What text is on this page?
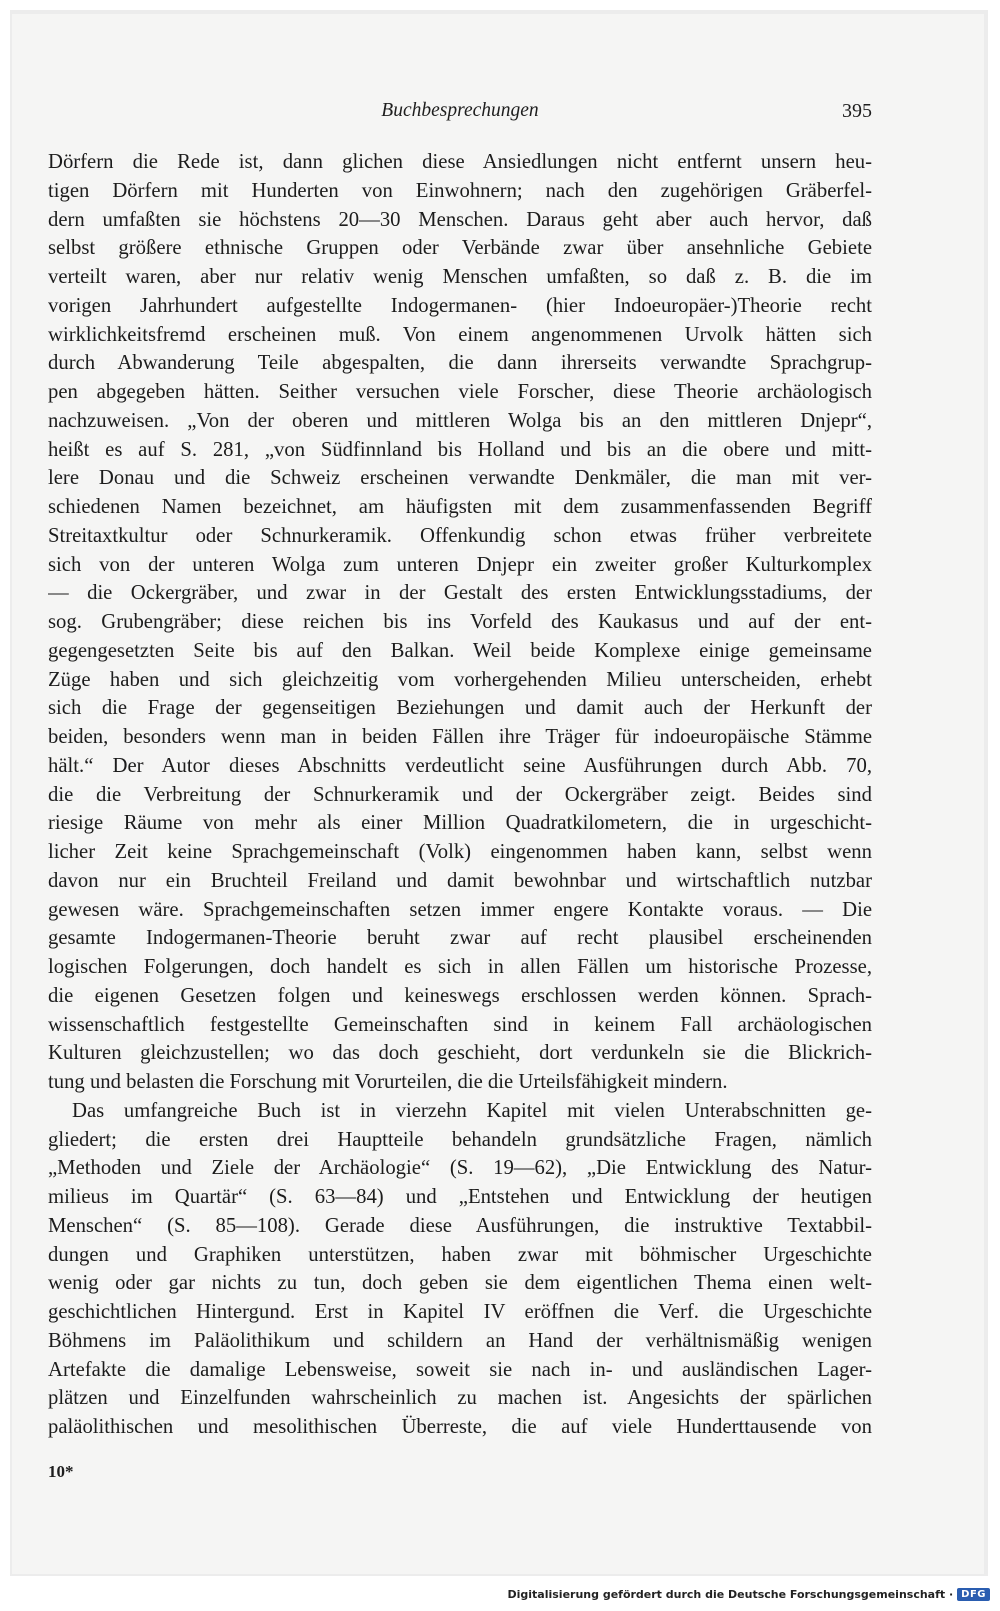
Buchbesprechungen	395
Dörfern die Rede ist, dann glichen diese Ansiedlungen nicht entfernt unsern heu-
tigen Dörfern mit Hunderten von Einwohnern; nach den zugehörigen Gräberfel-
dern umfaßten sie höchstens 20—30 Menschen. Daraus geht aber auch hervor, daß
selbst größere ethnische Gruppen oder Verbände zwar über ansehnliche Gebiete
verteilt waren, aber nur relativ wenig Menschen umfaßten, so daß z. B. die im
vorigen Jahrhundert aufgestellte Indogermanen- (hier Indoeuropäer-)Theorie recht
wirklichkeitsfremd erscheinen muß. Von einem angenommenen Urvolk hätten sich
durch Abwanderung Teile abgespalten, die dann ihrerseits verwandte Sprachgrup-
pen abgegeben hätten. Seither versuchen viele Forscher, diese Theorie archäologisch
nachzuweisen. „Von der oberen und mittleren Wolga bis an den mittleren Dnjepr“,
heißt es auf S. 281, „von Südfinnland bis Holland und bis an die obere und mitt-
lere Donau und die Schweiz erscheinen verwandte Denkmäler, die man mit ver-
schiedenen Namen bezeichnet, am häufigsten mit dem zusammenfassenden Begriff
Streitaxtkultur oder Schnurkeramik. Offenkundig schon etwas früher verbreitete
sich von der unteren Wolga zum unteren Dnjepr ein zweiter großer Kulturkomplex
— die Ockergräber, und zwar in der Gestalt des ersten Entwicklungsstadiums, der
sog. Grubengräber; diese reichen bis ins Vorfeld des Kaukasus und auf der ent-
gegengesetzten Seite bis auf den Balkan. Weil beide Komplexe einige gemeinsame
Züge haben und sich gleichzeitig vom vorhergehenden Milieu unterscheiden, erhebt
sich die Frage der gegenseitigen Beziehungen und damit auch der Herkunft der
beiden, besonders wenn man in beiden Fällen ihre Träger für indoeuropäische Stämme
hält.“ Der Autor dieses Abschnitts verdeutlicht seine Ausführungen durch Abb. 70,
die die Verbreitung der Schnurkeramik und der Ockergräber zeigt. Beides sind
riesige Räume von mehr als einer Million Quadratkilometern, die in urgeschicht-
licher Zeit keine Sprachgemeinschaft (Volk) eingenommen haben kann, selbst wenn
davon nur ein Bruchteil Freiland und damit bewohnbar und wirtschaftlich nutzbar
gewesen wäre. Sprachgemeinschaften setzen immer engere Kontakte voraus. — Die
gesamte Indogermanen-Theorie beruht zwar auf recht plausibel erscheinenden
logischen Folgerungen, doch handelt es sich in allen Fällen um historische Prozesse,
die eigenen Gesetzen folgen und keineswegs erschlossen werden können. Sprach-
wissenschaftlich festgestellte Gemeinschaften sind in keinem Fall archäologischen
Kulturen gleichzustellen; wo das doch geschieht, dort verdunkeln sie die Blickrich-
tung und belasten die Forschung mit Vorurteilen, die die Urteilsfähigkeit mindern.
Das umfangreiche Buch ist in vierzehn Kapitel mit vielen Unterabschnitten ge-
gliedert; die ersten drei Hauptteile behandeln grundsätzliche Fragen, nämlich
„Methoden und Ziele der Archäologie“ (S. 19—62), „Die Entwicklung des Natur-
milieus im Quartär“ (S. 63—84) und „Entstehen und Entwicklung der heutigen
Menschen“ (S. 85—108). Gerade diese Ausführungen, die instruktive Textabbil-
dungen und Graphiken unterstützen, haben zwar mit böhmischer Urgeschichte
wenig oder gar nichts zu tun, doch geben sie dem eigentlichen Thema einen welt-
geschichtlichen Hintergund. Erst in Kapitel IV eröffnen die Verf. die Urgeschichte
Böhmens im Paläolithikum und schildern an Hand der verhältnismäßig wenigen
Artefakte die damalige Lebensweise, soweit sie nach in- und ausländischen Lager-
plätzen und Einzelfunden wahrscheinlich zu machen ist. Angesichts der spärlichen
paläolithischen und mesolithischen Überreste, die auf viele Hunderttausende von
10*
Digitalisierung gefördert durch die Deutsche Forschungsgemeinschaft · DFG
